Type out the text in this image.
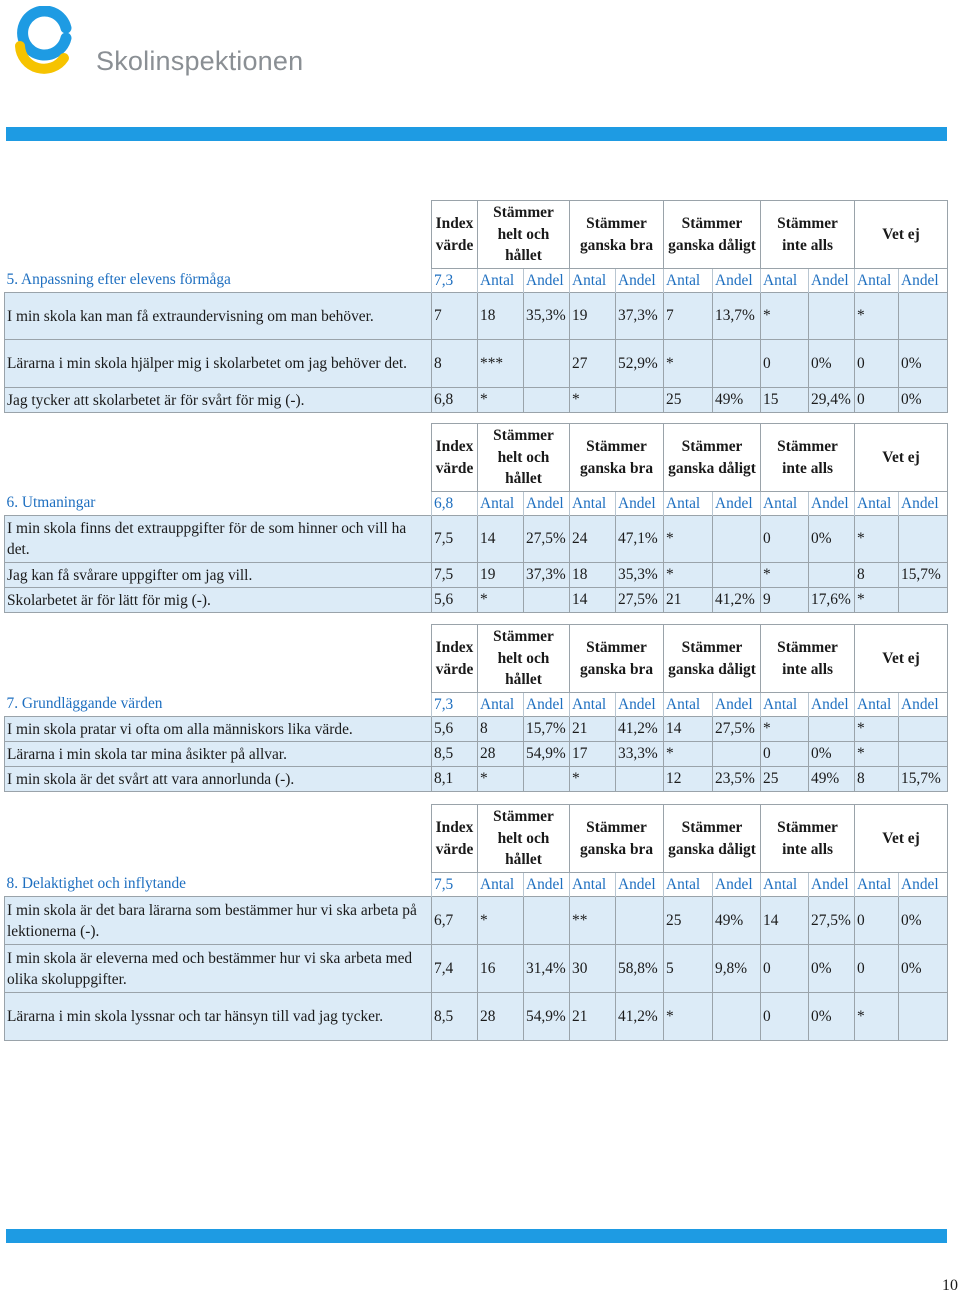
Skolinspektionen
	Index värde	Stämmer helt och hållet		Stämmer ganska bra		Stämmer ganska dåligt		Stämmer inte alls		Vet ej	
5. Anpassning efter elevens förmåga	7,3	Antal	Andel	Antal	Andel	Antal	Andel	Antal	Andel	Antal	Andel
I min skola kan man få extraundervisning om man behöver.	7	18	35,3%	19	37,3%	7	13,7%	*		*	
Lärarna i min skola hjälper mig i skolarbetet om jag behöver det.	8	***		27	52,9%	*		0	0%	0	0%
Jag tycker att skolarbetet är för svårt för mig (-).	6,8	*		*		25	49%	15	29,4%	0	0%
	Index värde	Stämmer helt och hållet		Stämmer ganska bra		Stämmer ganska dåligt		Stämmer inte alls		Vet ej	
6. Utmaningar	6,8	Antal	Andel	Antal	Andel	Antal	Andel	Antal	Andel	Antal	Andel
I min skola finns det extrauppgifter för de som hinner och vill ha det.	7,5	14	27,5%	24	47,1%	*		0	0%	*	
Jag kan få svårare uppgifter om jag vill.	7,5	19	37,3%	18	35,3%	*		*		8	15,7%
Skolarbetet är för lätt för mig (-).	5,6	*		14	27,5%	21	41,2%	9	17,6%	*	
	Index värde	Stämmer helt och hållet		Stämmer ganska bra		Stämmer ganska dåligt		Stämmer inte alls		Vet ej	
7. Grundläggande värden	7,3	Antal	Andel	Antal	Andel	Antal	Andel	Antal	Andel	Antal	Andel
I min skola pratar vi ofta om alla människors lika värde.	5,6	8	15,7%	21	41,2%	14	27,5%	*		*	
Lärarna i min skola tar mina åsikter på allvar.	8,5	28	54,9%	17	33,3%	*		0	0%	*	
I min skola är det svårt att vara annorlunda (-).	8,1	*		*		12	23,5%	25	49%	8	15,7%
	Index värde	Stämmer helt och hållet		Stämmer ganska bra		Stämmer ganska dåligt		Stämmer inte alls		Vet ej	
8. Delaktighet och inflytande	7,5	Antal	Andel	Antal	Andel	Antal	Andel	Antal	Andel	Antal	Andel
I min skola är det bara lärarna som bestämmer hur vi ska arbeta på lektionerna (-).	6,7	*		**		25	49%	14	27,5%	0	0%
I min skola är eleverna med och bestämmer hur vi ska arbeta med olika skoluppgifter.	7,4	16	31,4%	30	58,8%	5	9,8%	0	0%	0	0%
Lärarna i min skola lyssnar och tar hänsyn till vad jag tycker.	8,5	28	54,9%	21	41,2%	*		0	0%	*	
10
